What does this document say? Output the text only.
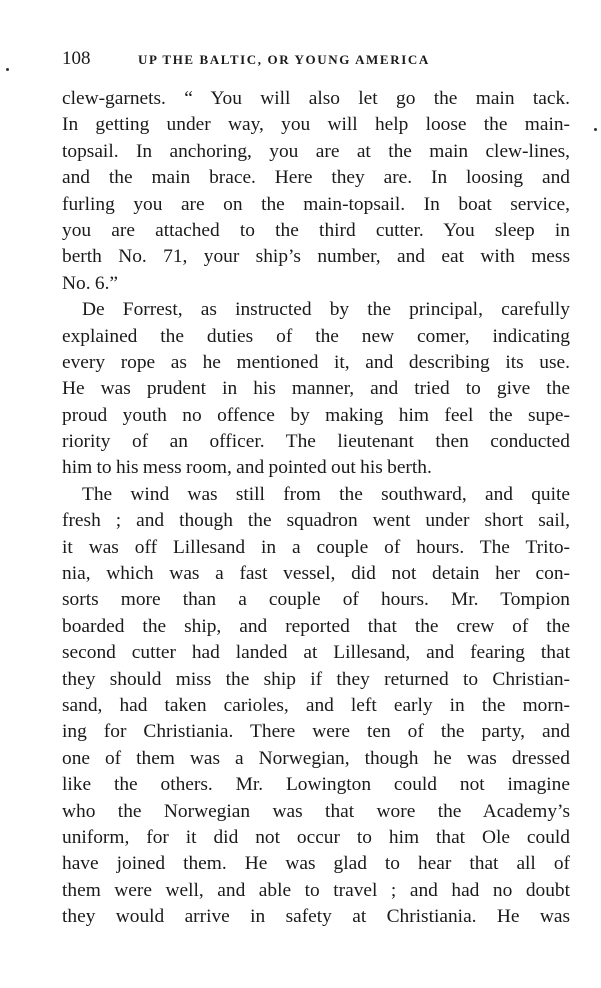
108	UP THE BALTIC, OR YOUNG AMERICA
clew-garnets. “ You will also let go the main tack.
In getting under way, you will help loose the main-
topsail. In anchoring, you are at the main clew-lines,
and the main brace. Here they are. In loosing and
furling you are on the main-topsail. In boat service,
you are attached to the third cutter. You sleep in
berth No. 71, your ship’s number, and eat with mess
No. 6.”
De Forrest, as instructed by the principal, carefully
explained the duties of the new comer, indicating
every rope as he mentioned it, and describing its use.
He was prudent in his manner, and tried to give the
proud youth no offence by making him feel the supe-
riority of an officer. The lieutenant then conducted
him to his mess room, and pointed out his berth.
The wind was still from the southward, and quite
fresh ; and though the squadron went under short sail,
it was off Lillesand in a couple of hours. The Trito-
nia, which was a fast vessel, did not detain her con-
sorts more than a couple of hours. Mr. Tompion
boarded the ship, and reported that the crew of the
second cutter had landed at Lillesand, and fearing that
they should miss the ship if they returned to Christian-
sand, had taken carioles, and left early in the morn-
ing for Christiania. There were ten of the party, and
one of them was a Norwegian, though he was dressed
like the others. Mr. Lowington could not imagine
who the Norwegian was that wore the Academy’s
uniform, for it did not occur to him that Ole could
have joined them. He was glad to hear that all of
them were well, and able to travel ; and had no doubt
they would arrive in safety at Christiania. He was
